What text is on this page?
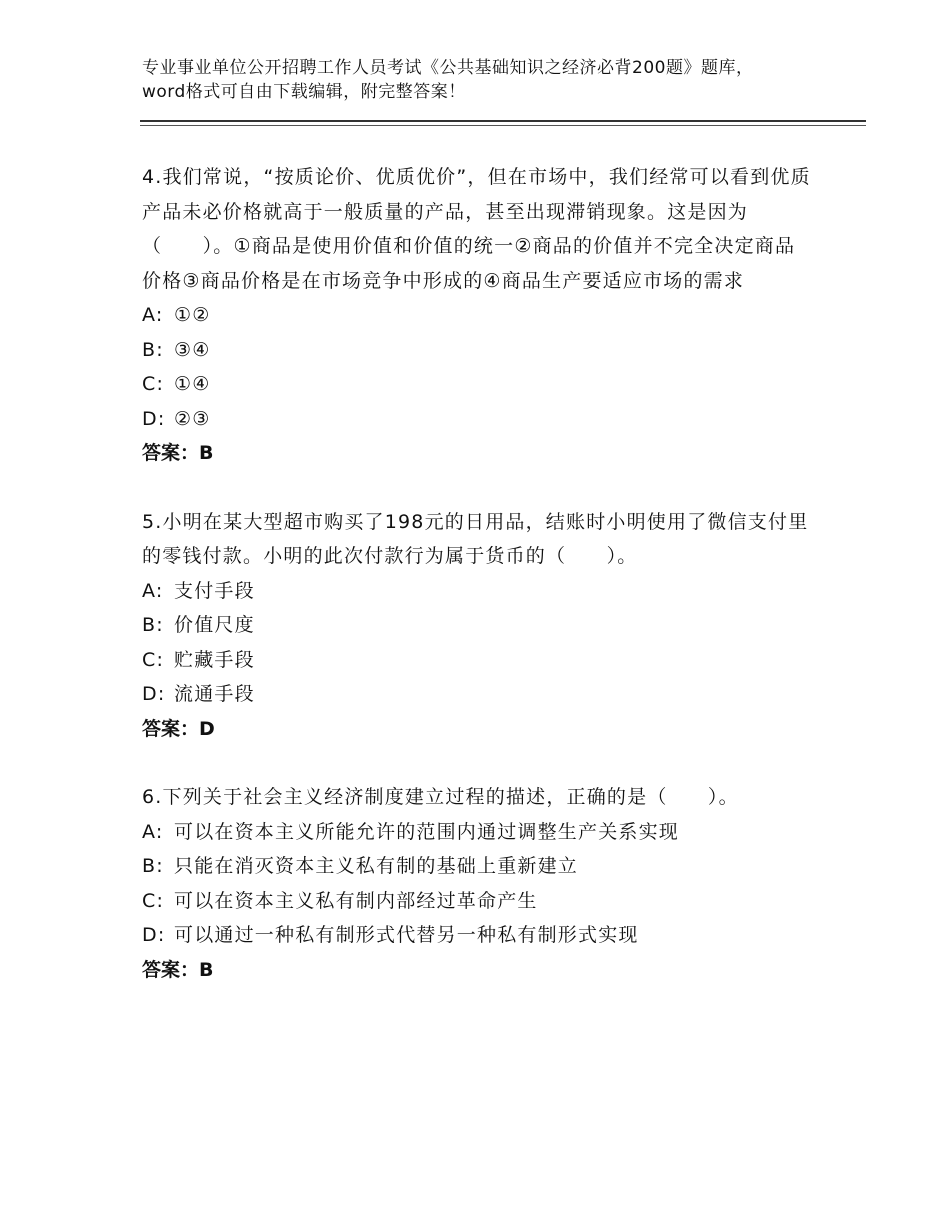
专业事业单位公开招聘工作人员考试《公共基础知识之经济必背200题》题库，word格式可自由下载编辑，附完整答案！

4.我们常说，“按质论价、优质优价”，但在市场中，我们经常可以看到优质产品未必价格就高于一般质量的产品，甚至出现滞销现象。这是因为（　　）。①商品是使用价值和价值的统一②商品的价值并不完全决定商品价格③商品价格是在市场竞争中形成的④商品生产要适应市场的需求

A: ①②

B: ③④

C: ①④

D: ②③

答案：B

5.小明在某大型超市购买了198元的日用品，结账时小明使用了微信支付里的零钱付款。小明的此次付款行为属于货币的（　　）。

A: 支付手段

B: 价值尺度

C: 贮藏手段

D: 流通手段

答案：D

6.下列关于社会主义经济制度建立过程的描述，正确的是（　　）。

A: 可以在资本主义所能允许的范围内通过调整生产关系实现

B: 只能在消灭资本主义私有制的基础上重新建立

C: 可以在资本主义私有制内部经过革命产生

D: 可以通过一种私有制形式代替另一种私有制形式实现

答案：B
